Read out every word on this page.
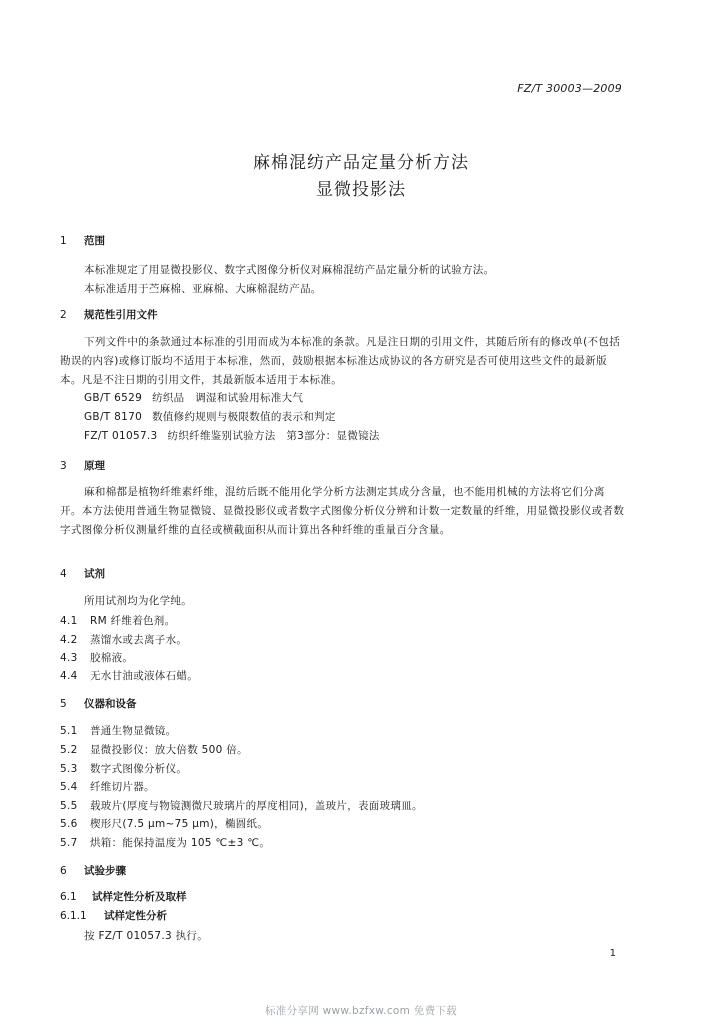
FZ/T 30003—2009
麻棉混纺产品定量分析方法
显微投影法
1 范围
本标准规定了用显微投影仪、数字式图像分析仪对麻棉混纺产品定量分析的试验方法。
本标准适用于苎麻棉、亚麻棉、大麻棉混纺产品。
2 规范性引用文件
下列文件中的条款通过本标准的引用而成为本标准的条款。凡是注日期的引用文件，其随后所有的修改单(不包括勘误的内容)或修订版均不适用于本标准，然而，鼓励根据本标准达成协议的各方研究是否可使用这些文件的最新版本。凡是不注日期的引用文件，其最新版本适用于本标准。
GB/T 6529 纺织品　调湿和试验用标准大气
GB/T 8170 数值修约规则与极限数值的表示和判定
FZ/T 01057.3 纺织纤维鉴别试验方法　第3部分：显微镜法
3 原理
麻和棉都是植物纤维素纤维，混纺后既不能用化学分析方法测定其成分含量，也不能用机械的方法将它们分离开。本方法使用普通生物显微镜、显微投影仪或者数字式图像分析仪分辨和计数一定数量的纤维，用显微投影仪或者数字式图像分析仪测量纤维的直径或横截面积从而计算出各种纤维的重量百分含量。
4 试剂
所用试剂均为化学纯。
4.1 RM 纤维着色剂。
4.2 蒸馏水或去离子水。
4.3 胶棉液。
4.4 无水甘油或液体石蜡。
5 仪器和设备
5.1 普通生物显微镜。
5.2 显微投影仪：放大倍数 500 倍。
5.3 数字式图像分析仪。
5.4 纤维切片器。
5.5 载玻片(厚度与物镜测微尺玻璃片的厚度相同)，盖玻片，表面玻璃皿。
5.6 楔形尺(7.5 μm~75 μm)，椭圆纸。
5.7 烘箱：能保持温度为 105 ℃±3 ℃。
6 试验步骤
6.1 试样定性分析及取样
6.1.1 试样定性分析
按 FZ/T 01057.3 执行。
1
标准分享网 www.bzfxw.com 免费下载
